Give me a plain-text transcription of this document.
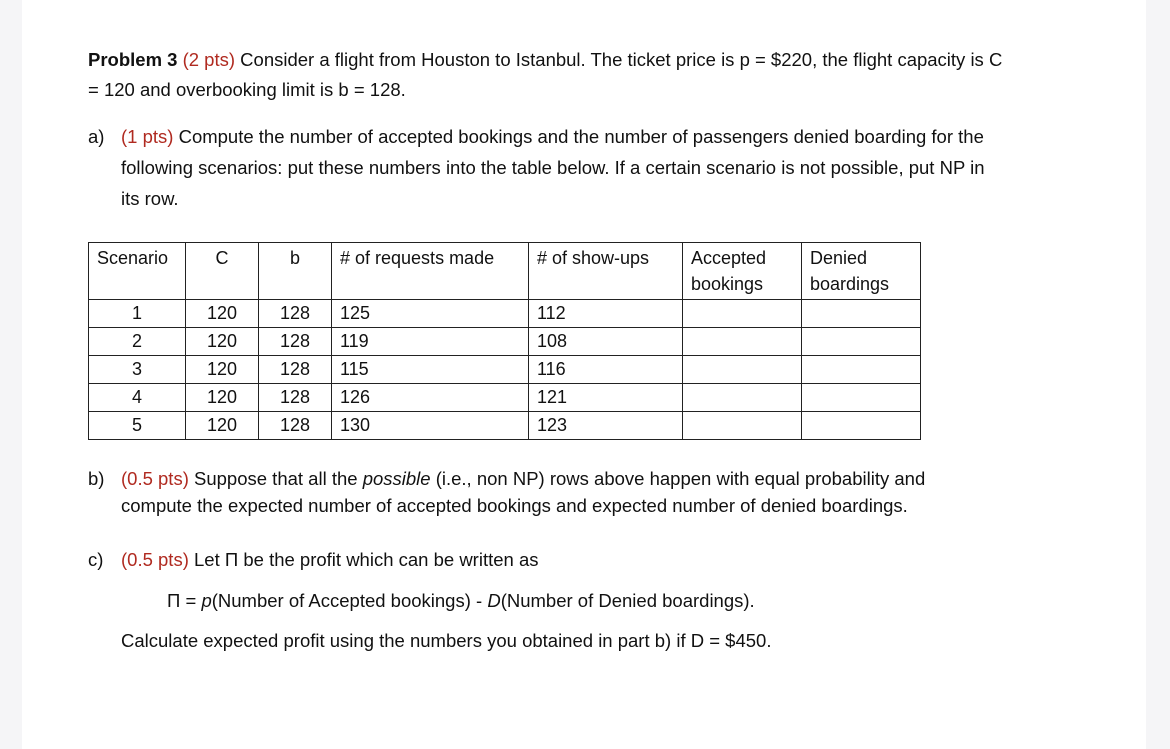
Problem 3 (2 pts) Consider a flight from Houston to Istanbul. The ticket price is p = $220, the flight capacity is C
= 120 and overbooking limit is b = 128.
a) (1 pts) Compute the number of accepted bookings and the number of passengers denied boarding for the
following scenarios: put these numbers into the table below. If a certain scenario is not possible, put NP in
its row.
Scenario	C	b	# of requests made	# of show-ups	Accepted
bookings	Denied
boardings
1	120	128	125	112		
2	120	128	119	108		
3	120	128	115	116		
4	120	128	126	121		
5	120	128	130	123		
b) (0.5 pts) Suppose that all the possible (i.e., non NP) rows above happen with equal probability and
compute the expected number of accepted bookings and expected number of denied boardings.
c) (0.5 pts) Let Π be the profit which can be written as
Π = p(Number of Accepted bookings) - D(Number of Denied boardings).
Calculate expected profit using the numbers you obtained in part b) if D = $450.
